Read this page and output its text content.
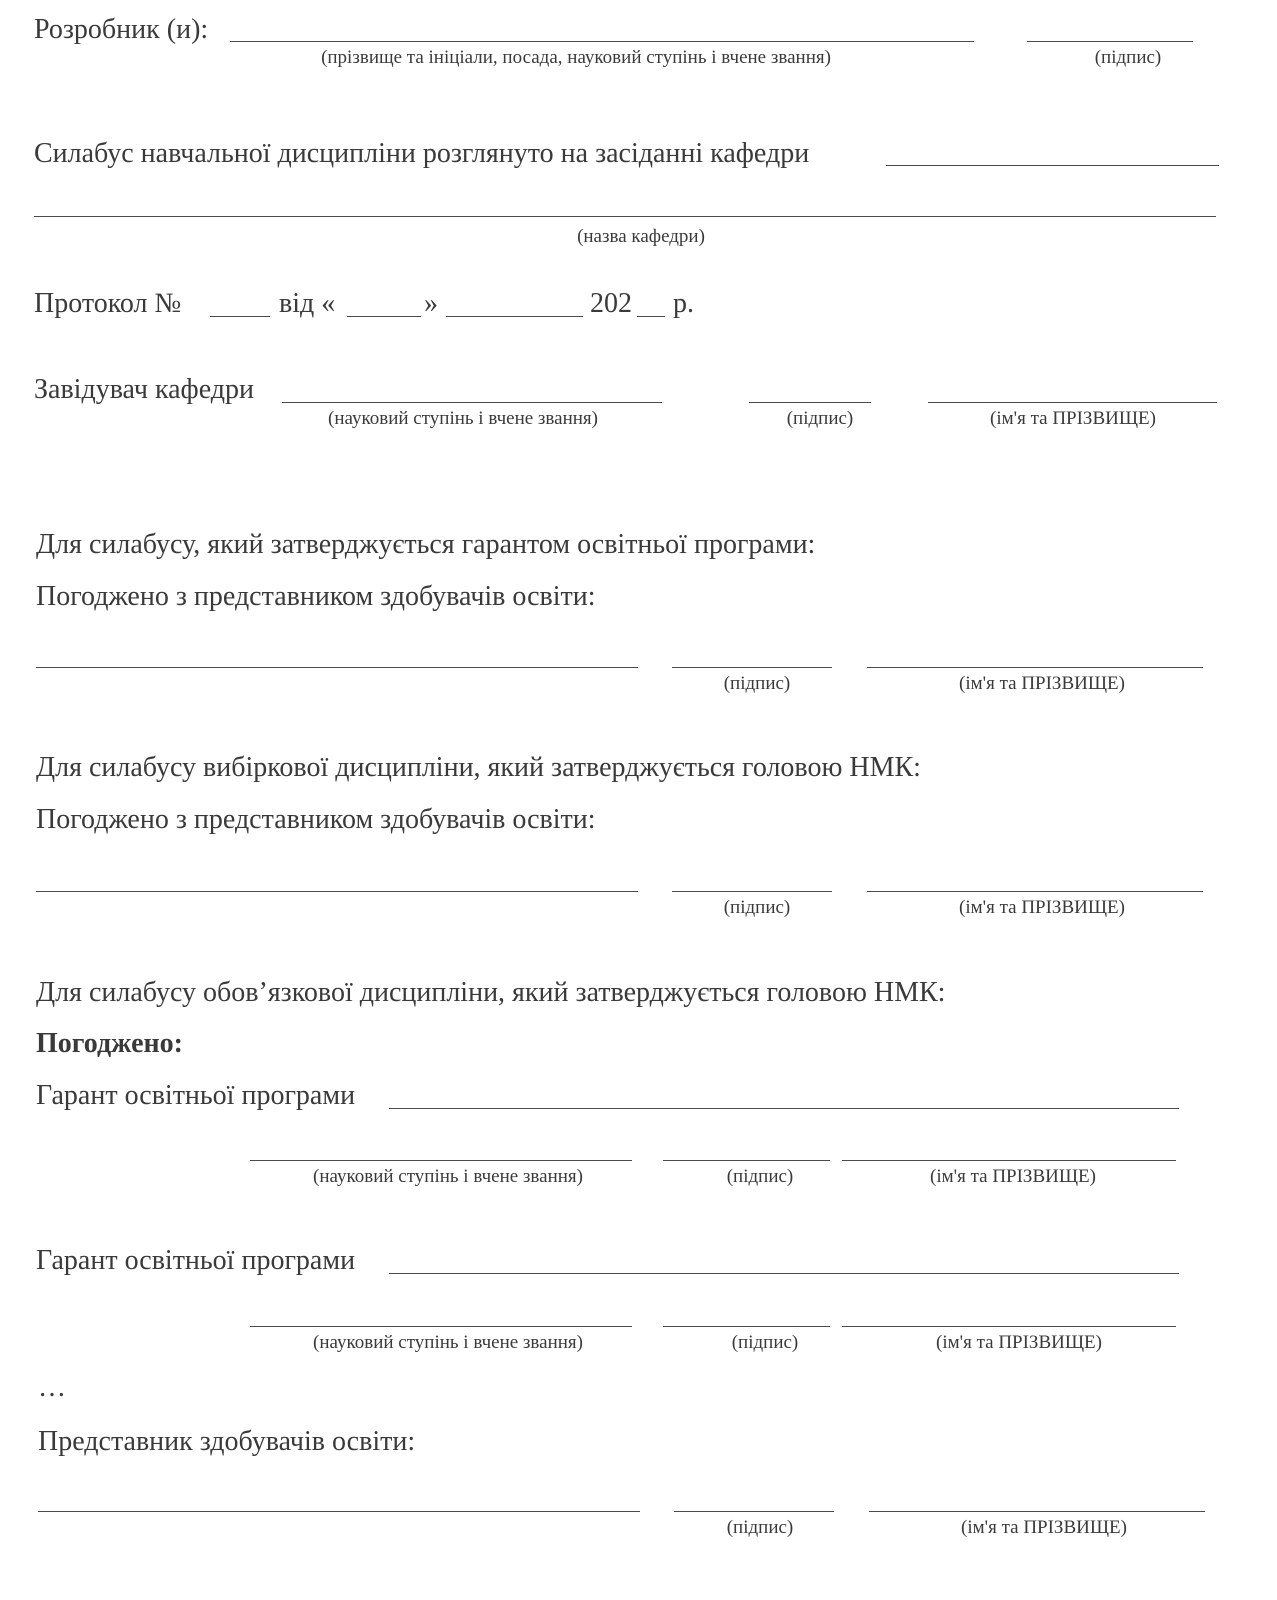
Розробник (и):
(прізвище та ініціали, посада, науковий ступінь і вчене звання)	(підпис)
Силабус навчальної дисципліни розглянуто на засіданні кафедри
(назва кафедри)
Протокол №	від «	»	202 р.
Завідувач кафедри
(науковий ступінь і вчене звання)	(підпис)	(ім'я та ПРІЗВИЩЕ)
Для силабусу, який затверджується гарантом освітньої програми:
Погоджено з представником здобувачів освіти:
(підпис)	(ім'я та ПРІЗВИЩЕ)
Для силабусу вибіркової дисципліни, який затверджується головою НМК:
Погоджено з представником здобувачів освіти:
(підпис)	(ім'я та ПРІЗВИЩЕ)
Для силабусу обов’язкової дисципліни, який затверджується головою НМК:
Погоджено:
Гарант освітньої програми
(науковий ступінь і вчене звання)	(підпис)	(ім'я та ПРІЗВИЩЕ)
Гарант освітньої програми
(науковий ступінь і вчене звання)	(підпис)	(ім'я та ПРІЗВИЩЕ)
…
Представник здобувачів освіти:
(підпис)	(ім'я та ПРІЗВИЩЕ)
